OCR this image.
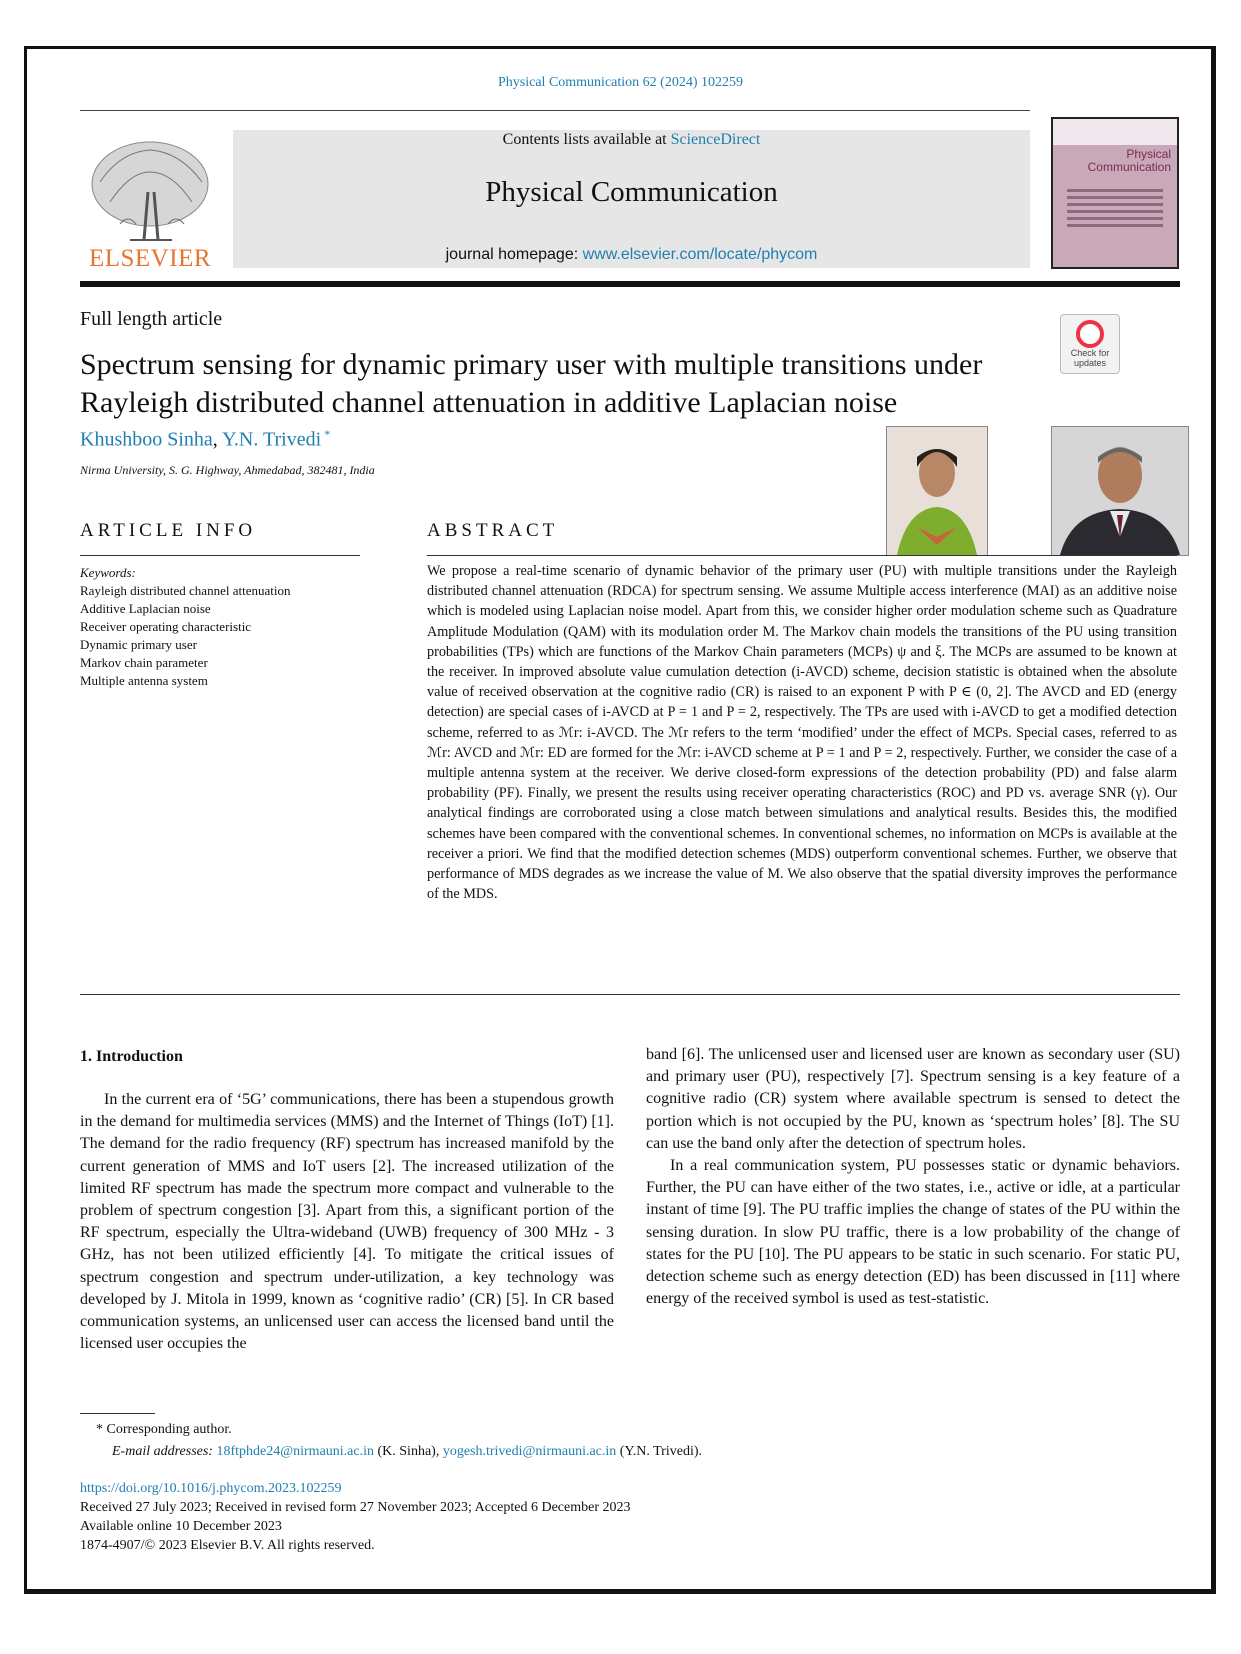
Physical Communication 62 (2024) 102259
ELSEVIER
Contents lists available at ScienceDirect
Physical Communication
journal homepage: www.elsevier.com/locate/phycom
Physical
Communication
Full length article
Check for updates
Spectrum sensing for dynamic primary user with multiple transitions under
Rayleigh distributed channel attenuation in additive Laplacian noise
Khushboo Sinha, Y.N. Trivedi *
Nirma University, S. G. Highway, Ahmedabad, 382481, India
ARTICLE INFO	ABSTRACT
Keywords:
Rayleigh distributed channel attenuation
Additive Laplacian noise
Receiver operating characteristic
Dynamic primary user
Markov chain parameter
Multiple antenna system
We propose a real-time scenario of dynamic behavior of the primary user (PU) with multiple transitions under the Rayleigh distributed channel attenuation (RDCA) for spectrum sensing. We assume Multiple access interference (MAI) as an additive noise which is modeled using Laplacian noise model. Apart from this, we consider higher order modulation scheme such as Quadrature Amplitude Modulation (QAM) with its modulation order M. The Markov chain models the transitions of the PU using transition probabilities (TPs) which are functions of the Markov Chain parameters (MCPs) ψ and ξ. The MCPs are assumed to be known at the receiver. In improved absolute value cumulation detection (i-AVCD) scheme, decision statistic is obtained when the absolute value of received observation at the cognitive radio (CR) is raised to an exponent P with P ∈ (0, 2]. The AVCD and ED (energy detection) are special cases of i-AVCD at P = 1 and P = 2, respectively. The TPs are used with i-AVCD to get a modified detection scheme, referred to as ℳr: i-AVCD. The ℳr refers to the term ‘modified’ under the effect of MCPs. Special cases, referred to as ℳr: AVCD and ℳr: ED are formed for the ℳr: i-AVCD scheme at P = 1 and P = 2, respectively. Further, we consider the case of a multiple antenna system at the receiver. We derive closed-form expressions of the detection probability (PD) and false alarm probability (PF). Finally, we present the results using receiver operating characteristics (ROC) and PD vs. average SNR (γ). Our analytical findings are corroborated using a close match between simulations and analytical results. Besides this, the modified schemes have been compared with the conventional schemes. In conventional schemes, no information on MCPs is available at the receiver a priori. We find that the modified detection schemes (MDS) outperform conventional schemes. Further, we observe that performance of MDS degrades as we increase the value of M. We also observe that the spatial diversity improves the performance of the MDS.
1. Introduction

In the current era of ‘5G’ communications, there has been a stupendous growth in the demand for multimedia services (MMS) and the Internet of Things (IoT) [1]. The demand for the radio frequency (RF) spectrum has increased manifold by the current generation of MMS and IoT users [2]. The increased utilization of the limited RF spectrum has made the spectrum more compact and vulnerable to the problem of spectrum congestion [3]. Apart from this, a significant portion of the RF spectrum, especially the Ultra-wideband (UWB) frequency of 300 MHz - 3 GHz, has not been utilized efficiently [4]. To mitigate the critical issues of spectrum congestion and spectrum under-utilization, a key technology was developed by J. Mitola in 1999, known as ‘cognitive radio’ (CR) [5]. In CR based communication systems, an unlicensed user can access the licensed band until the licensed user occupies the

band [6]. The unlicensed user and licensed user are known as secondary user (SU) and primary user (PU), respectively [7]. Spectrum sensing is a key feature of a cognitive radio (CR) system where available spectrum is sensed to detect the portion which is not occupied by the PU, known as ‘spectrum holes’ [8]. The SU can use the band only after the detection of spectrum holes.

In a real communication system, PU possesses static or dynamic behaviors. Further, the PU can have either of the two states, i.e., active or idle, at a particular instant of time [9]. The PU traffic implies the change of states of the PU within the sensing duration. In slow PU traffic, there is a low probability of the change of states for the PU [10]. The PU appears to be static in such scenario. For static PU, detection scheme such as energy detection (ED) has been discussed in [11] where energy of the received symbol is used as test-statistic.

* Corresponding author.
E-mail addresses: 18ftphde24@nirmauni.ac.in (K. Sinha), yogesh.trivedi@nirmauni.ac.in (Y.N. Trivedi).
https://doi.org/10.1016/j.phycom.2023.102259
Received 27 July 2023; Received in revised form 27 November 2023; Accepted 6 December 2023
Available online 10 December 2023
1874-4907/© 2023 Elsevier B.V. All rights reserved.
